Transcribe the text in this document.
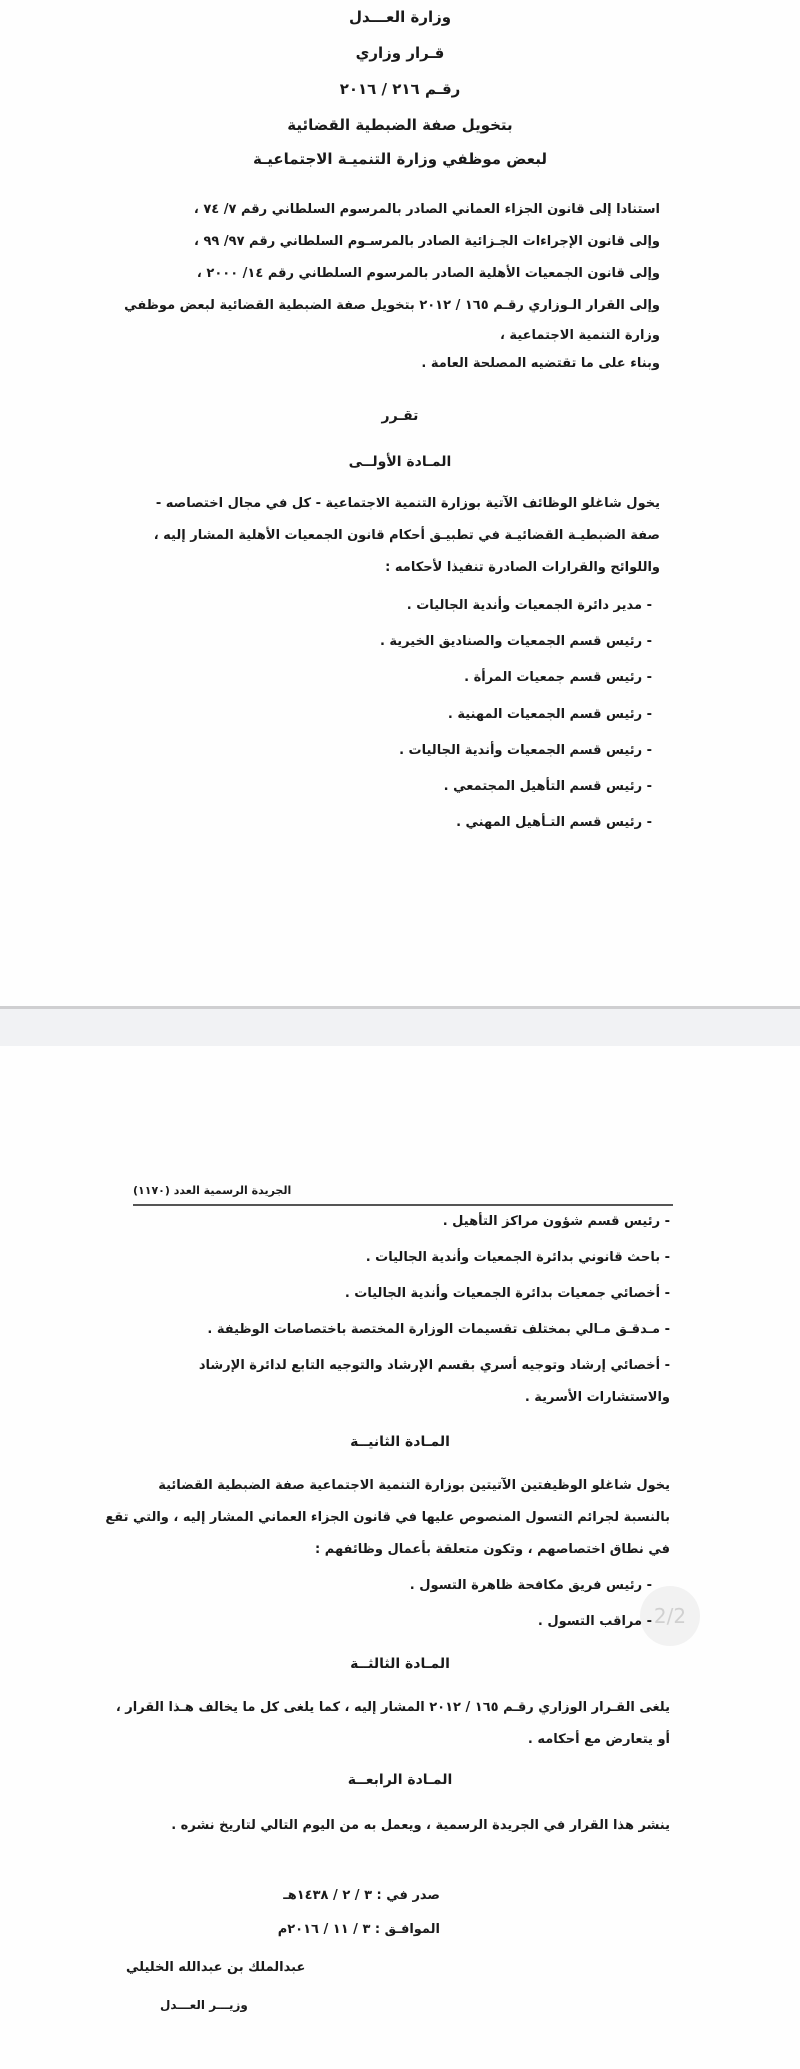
وزارة العـــدل
قـرار وزاري
رقـم ٢١٦ / ٢٠١٦
بتخويل صفة الضبطية القضائية
لبعض موظفي وزارة التنميـة الاجتماعيـة
استنادا إلى قانون الجزاء العماني الصادر بالمرسوم السلطاني رقم ٧/ ٧٤ ،
وإلى قانون الإجراءات الجـزائية الصادر بالمرسـوم السلطاني رقم ٩٧/ ٩٩ ،
وإلى قانون الجمعيات الأهلية الصادر بالمرسوم السلطاني رقم ١٤/ ٢٠٠٠ ،
وإلى القرار الـوزاري رقـم ١٦٥ / ٢٠١٢ بتخويل صفة الضبطية القضائية لبعض موظفي
وزارة التنمية الاجتماعية ،
وبناء على ما تقتضيه المصلحة العامة .
تقـرر
المـادة الأولــى
يخول شاغلو الوظائف الآتية بوزارة التنمية الاجتماعية - كل في مجال اختصاصه -
صفة الضبطيـة القضائيـة في تطبيـق أحكام قانون الجمعيات الأهلية المشار إليه ،
واللوائح والقرارات الصادرة تنفيذا لأحكامه :
- مدير دائرة الجمعيات وأندية الجاليات .
- رئيس قسم الجمعيات والصناديق الخيرية .
- رئيس قسم جمعيات المرأة .
- رئيس قسم الجمعيات المهنية .
- رئيس قسم الجمعيات وأندية الجاليات .
- رئيس قسم التأهيل المجتمعي .
- رئيس قسم التـأهيل المهني .
الجريدة الرسمية العدد (١١٧٠)
- رئيس قسم شؤون مراكز التأهيل .
- باحث قانوني بدائرة الجمعيات وأندية الجاليات .
- أخصائي جمعيات بدائرة الجمعيات وأندية الجاليات .
- مـدقـق مـالي بمختلف تقسيمات الوزارة المختصة باختصاصات الوظيفة .
- أخصائي إرشاد وتوجيه أسري بقسم الإرشاد والتوجيه التابع لدائرة الإرشاد
والاستشارات الأسرية .
المـادة الثانيــة
يخول شاغلو الوظيفتين الآتيتين بوزارة التنمية الاجتماعية صفة الضبطية القضائية
بالنسبة لجرائم التسول المنصوص عليها في قانون الجزاء العماني المشار إليه ، والتي تقع
في نطاق اختصاصهم ، وتكون متعلقة بأعمال وظائفهم :
2/2
- رئيس فريق مكافحة ظاهرة التسول .
- مراقب التسول .
المـادة الثالثــة
يلغى القـرار الوزاري رقـم ١٦٥ / ٢٠١٢ المشار إليه ، كما يلغى كل ما يخالف هـذا القرار ،
أو يتعارض مع أحكامه .
المـادة الرابعــة
ينشر هذا القرار في الجريدة الرسمية ، ويعمل به من اليوم التالي لتاريخ نشره .
صدر في : ٣ / ٢ / ١٤٣٨هـ
الموافـق : ٣ / ١١ / ٢٠١٦م
عبدالملك بن عبدالله الخليلي
وزيـــر العـــدل
